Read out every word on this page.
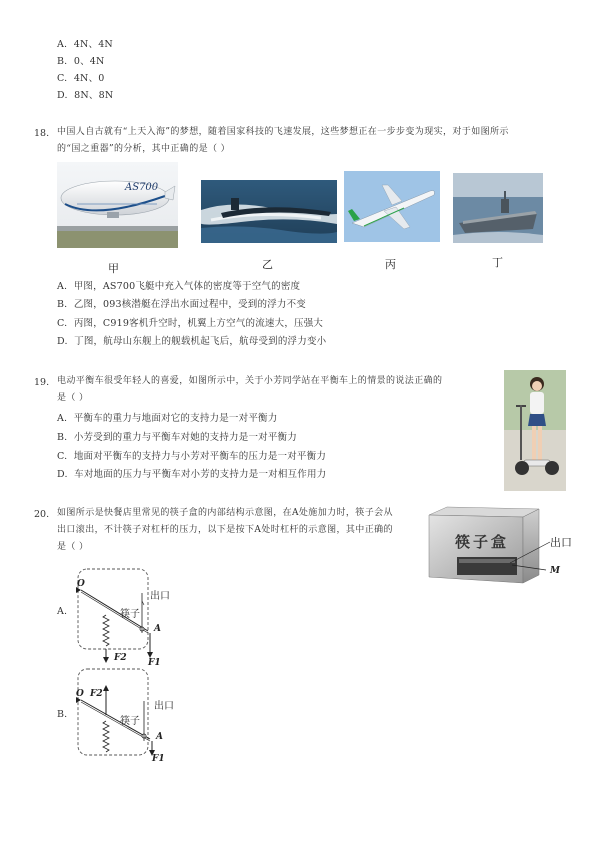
A. 4N、4N
B. 0、4N
C. 4N、0
D. 8N、8N
18. 中国人自古就有“上天入海”的梦想，随着国家科技的飞速发展，这些梦想正在一步步变为现实，对于如图所示
的“国之重器”的分析，其中正确的是（ ）
AS700
甲	乙	丙	丁
A. 甲图，AS700飞艇中充入气体的密度等于空气的密度
B. 乙图，093核潜艇在浮出水面过程中，受到的浮力不变
C. 丙图，C919客机升空时，机翼上方空气的流速大，压强大
D. 丁图，航母山东舰上的舰载机起飞后，航母受到的浮力变小
19. 电动平衡车很受年轻人的喜爱，如图所示中，关于小芳同学站在平衡车上的情景的说法正确的
是（ ）
A. 平衡车的重力与地面对它的支持力是一对平衡力
B. 小芳受到的重力与平衡车对她的支持力是一对平衡力
C. 地面对平衡车的支持力与小芳对平衡车的压力是一对平衡力
D. 车对地面的压力与平衡车对小芳的支持力是一对相互作用力
20. 如图所示是快餐店里常见的筷子盒的内部结构示意图，在A处施加力时，筷子会从
出口滚出，不计筷子对杠杆的压力，以下是按下A处时杠杆的示意图，其中正确的
是（ ）	筷子盒	出口
M
A.
O
出口
筷子
A
F2 F1
B.
O F2
出口
筷子
A
F1
